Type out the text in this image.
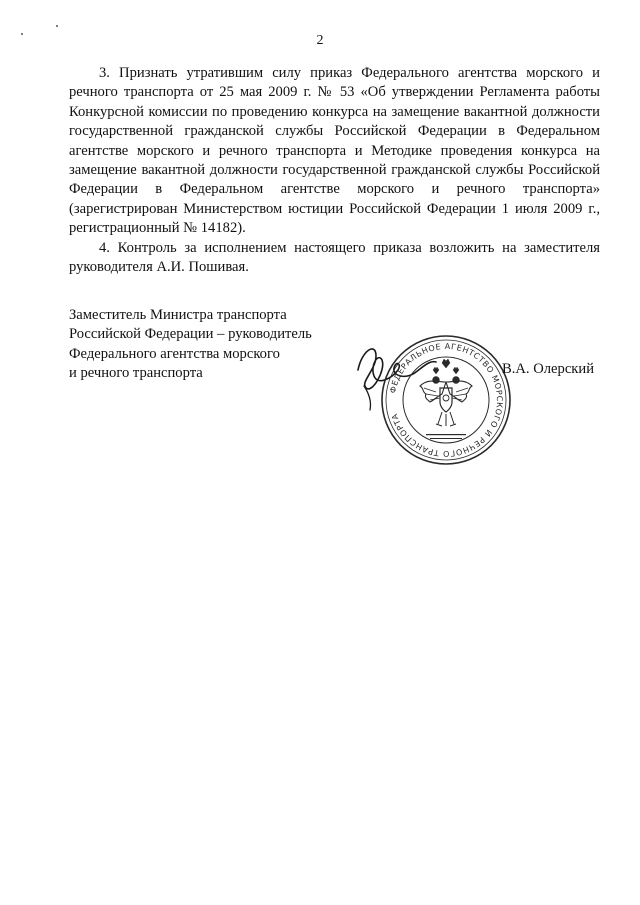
2

3. Признать утратившим силу приказ Федерального агентства морского и речного транспорта от 25 мая 2009 г. № 53 «Об утверждении Регламента работы Конкурсной комиссии по проведению конкурса на замещение вакантной должности государственной гражданской службы Российской Федерации в Федеральном агентстве морского и речного транспорта и Методике проведения конкурса на замещение вакантной должности государственной гражданской службы Российской Федерации в Федеральном агентстве морского и речного транспорта» (зарегистрирован Министерством юстиции Российской Федерации 1 июля 2009 г., регистрационный № 14182).

4. Контроль за исполнением настоящего приказа возложить на заместителя руководителя А.И. Пошивая.

Заместитель Министра транспорта
Российской Федерации – руководитель
Федерального агентства морского
и речного транспорта
ФЕДЕРАЛЬНОЕ АГЕНТСТВО МОРСКОГО И РЕЧНОГО ТРАНСПОРТА
В.А. Олерский
